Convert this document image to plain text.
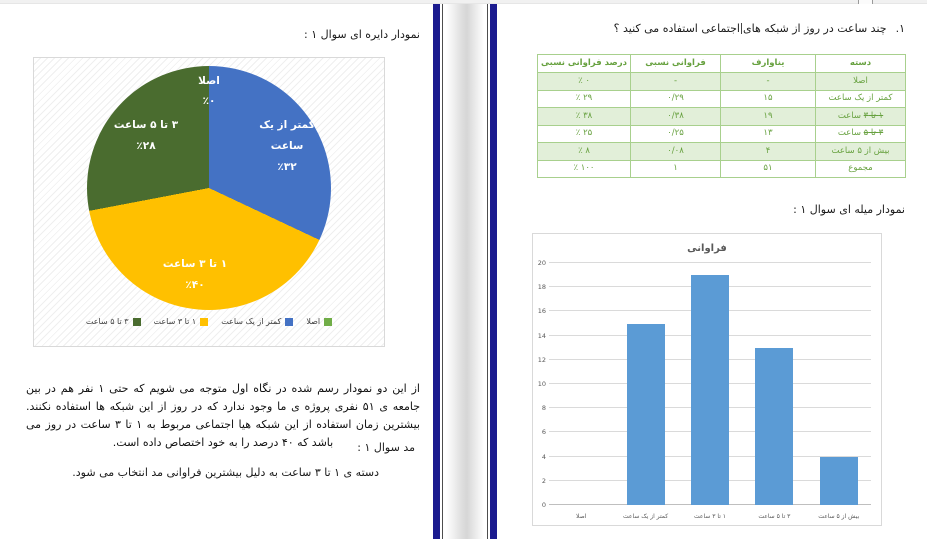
نمودار دایره ای سوال ۱ :
اصلا
٪۰
کمتر از یک
ساعت
٪۳۲
۳ تا ۵ ساعت
٪۲۸
۱ تا ۳ ساعت
٪۴۰
اصلا
کمتر از یک ساعت
۱ تا ۳ ساعت
۳ تا ۵ ساعت

از این دو نمودار رسم شده در نگاه اول متوجه می شویم که حتی ۱ نفر هم در بین جامعه ی ۵۱ نفری پروژه ی ما وجود ندارد که در روز از این شبکه ها استفاده نکنند. بیشترین زمان استفاده از این شبکه هیا اجتماعی مربوط به ۱ تا ۳ ساعت در روز می باشد که ۴۰ درصد را به خود اختصاص داده است.	مد سوال ۱ :
دسته ی ۱ تا ۳ ساعت به دلیل بیشترین فراوانی مد انتخاب می شود.
۱.چند ساعت در روز از شبکه هایاجتماعی استفاده می کنید ؟
دسته	فراوانی	فراوانی نسبی	درصد فراوانی نسبی
اصلا	-	-	٪ ۰
کمتر از یک ساعت	۱۵	۰/۲۹	٪ ۲۹
۱ تا ۳ ساعت	۱۹	۰/۳۸	٪ ۳۸
۳ تا ۵ ساعت	۱۳	۰/۲۵	٪ ۲۵
بیش از ۵ ساعت	۴	۰/۰۸	٪ ۸
مجموع	۵۱	۱	٪ ۱۰۰
نمودار میله ای سوال ۱ :
فراوانی
0
2
4
6
8
10
12
14
16
18
20
اصلا	کمتر از یک ساعت	۱ تا ۳ ساعت	۳ تا ۵ ساعت	بیش از ۵ ساعت
